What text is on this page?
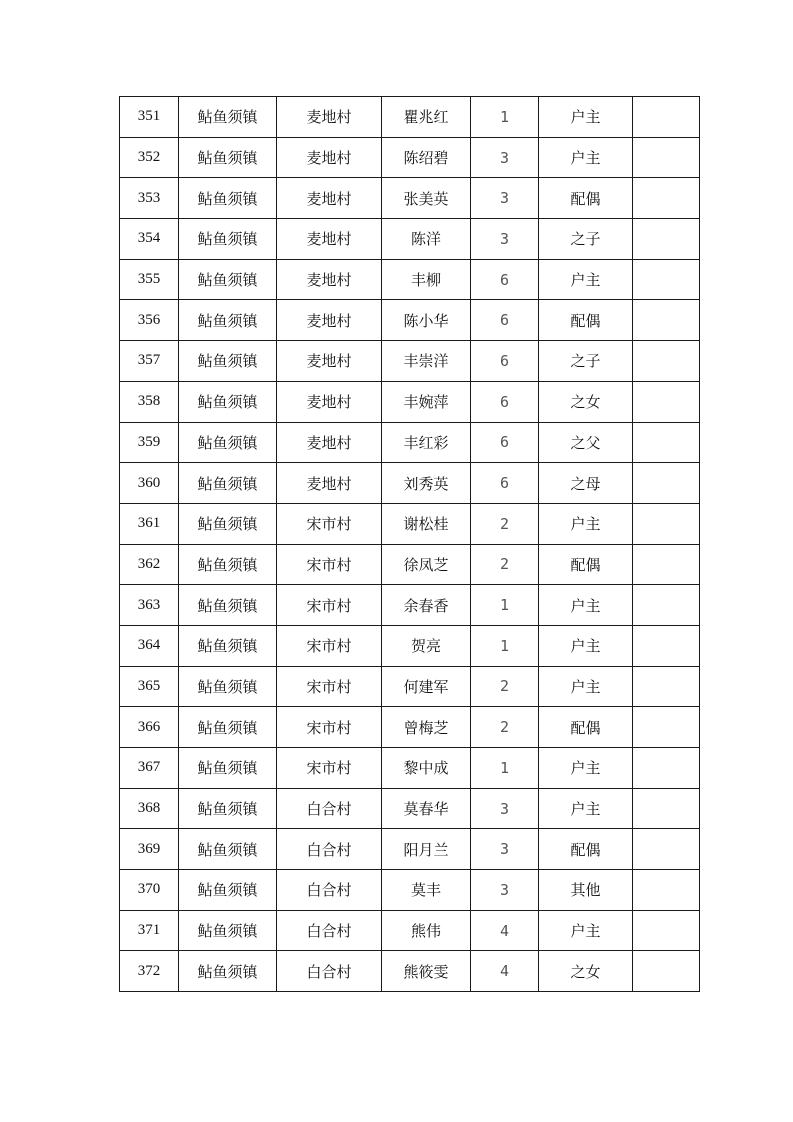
351	鲇鱼须镇	麦地村	瞿兆红	1	户主	
352	鲇鱼须镇	麦地村	陈绍碧	3	户主	
353	鲇鱼须镇	麦地村	张美英	3	配偶	
354	鲇鱼须镇	麦地村	陈洋	3	之子	
355	鲇鱼须镇	麦地村	丰柳	6	户主	
356	鲇鱼须镇	麦地村	陈小华	6	配偶	
357	鲇鱼须镇	麦地村	丰崇洋	6	之子	
358	鲇鱼须镇	麦地村	丰婉萍	6	之女	
359	鲇鱼须镇	麦地村	丰红彩	6	之父	
360	鲇鱼须镇	麦地村	刘秀英	6	之母	
361	鲇鱼须镇	宋市村	谢松桂	2	户主	
362	鲇鱼须镇	宋市村	徐凤芝	2	配偶	
363	鲇鱼须镇	宋市村	余春香	1	户主	
364	鲇鱼须镇	宋市村	贺亮	1	户主	
365	鲇鱼须镇	宋市村	何建军	2	户主	
366	鲇鱼须镇	宋市村	曾梅芝	2	配偶	
367	鲇鱼须镇	宋市村	黎中成	1	户主	
368	鲇鱼须镇	白合村	莫春华	3	户主	
369	鲇鱼须镇	白合村	阳月兰	3	配偶	
370	鲇鱼须镇	白合村	莫丰	3	其他	
371	鲇鱼须镇	白合村	熊伟	4	户主	
372	鲇鱼须镇	白合村	熊筱雯	4	之女	
